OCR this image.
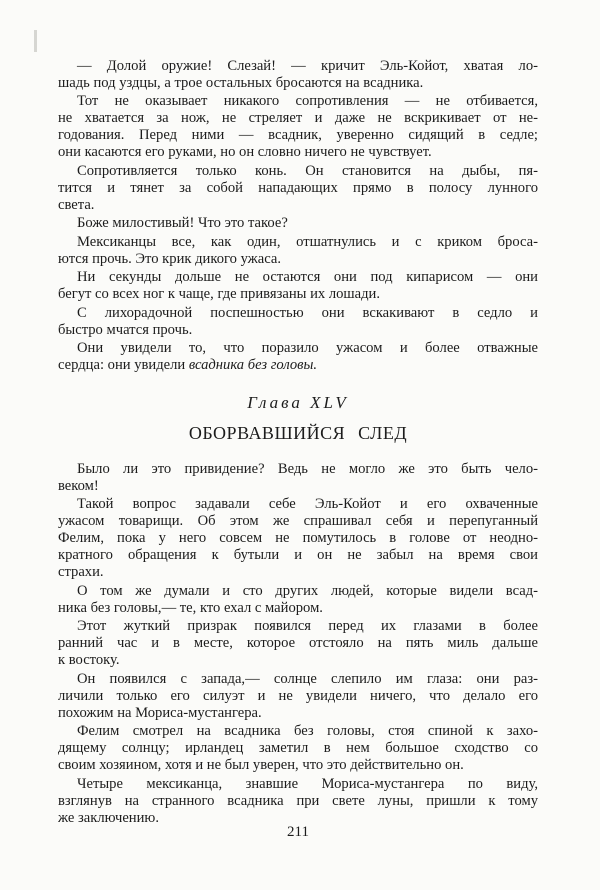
— Долой оружие! Слезай! — кричит Эль-Койот, хватая ло-
шадь под уздцы, а трое остальных бросаются на всадника.
Тот не оказывает никакого сопротивления — не отбивается,
не хватается за нож, не стреляет и даже не вскрикивает от не-
годования. Перед ними — всадник, уверенно сидящий в седле;
они касаются его руками, но он словно ничего не чувствует.
Сопротивляется только конь. Он становится на дыбы, пя-
тится и тянет за собой нападающих прямо в полосу лунного
света.
Боже милостивый! Что это такое?
Мексиканцы все, как один, отшатнулись и с криком броса-
ются прочь. Это крик дикого ужаса.
Ни секунды дольше не остаются они под кипарисом — они
бегут со всех ног к чаще, где привязаны их лошади.
С лихорадочной поспешностью они вскакивают в седло и
быстро мчатся прочь.
Они увидели то, что поразило ужасом и более отважные
сердца: они увидели всадника без головы.
Глава XLV
ОБОРВАВШИЙСЯ СЛЕД
Было ли это привидение? Ведь не могло же это быть чело-
веком!
Такой вопрос задавали себе Эль-Койот и его охваченные
ужасом товарищи. Об этом же спрашивал себя и перепуганный
Фелим, пока у него совсем не помутилось в голове от неодно-
кратного обращения к бутыли и он не забыл на время свои
страхи.
О том же думали и сто других людей, которые видели всад-
ника без головы,— те, кто ехал с майором.
Этот жуткий призрак появился перед их глазами в более
ранний час и в месте, которое отстояло на пять миль дальше
к востоку.
Он появился с запада,— солнце слепило им глаза: они раз-
личили только его силуэт и не увидели ничего, что делало его
похожим на Мориса-мустангера.
Фелим смотрел на всадника без головы, стоя спиной к захо-
дящему солнцу; ирландец заметил в нем большое сходство со
своим хозяином, хотя и не был уверен, что это действительно он.
Четыре мексиканца, знавшие Мориса-мустангера по виду,
взглянув на странного всадника при свете луны, пришли к тому
же заключению.
211
